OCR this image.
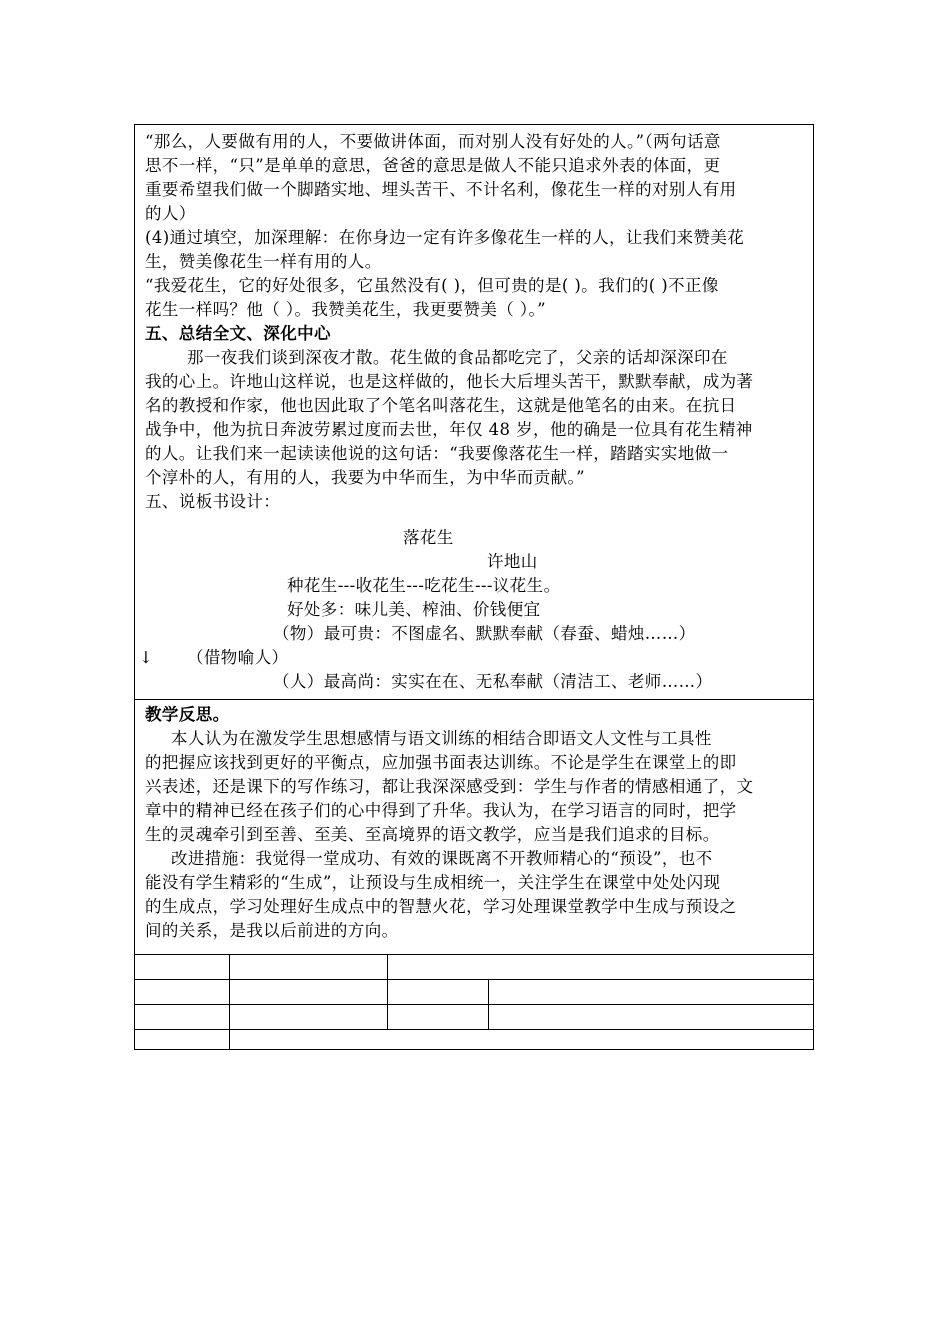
“那么，人要做有用的人，不要做讲体面，而对别人没有好处的人。”（两句话意
思不一样，“只”是单单的意思，爸爸的意思是做人不能只追求外表的体面，更
重要希望我们做一个脚踏实地、埋头苦干、不计名利，像花生一样的对别人有用
的人）
(4)通过填空，加深理解：在你身边一定有许多像花生一样的人，让我们来赞美花
生，赞美像花生一样有用的人。
“我爱花生，它的好处很多，它虽然没有( )，但可贵的是( )。我们的( )不正像
花生一样吗？他（ ）。我赞美花生，我更要赞美（ ）。”
五、总结全文、深化中心
那一夜我们谈到深夜才散。花生做的食品都吃完了，父亲的话却深深印在
我的心上。许地山这样说，也是这样做的，他长大后埋头苦干，默默奉献，成为著
名的教授和作家，他也因此取了个笔名叫落花生，这就是他笔名的由来。在抗日
战争中，他为抗日奔波劳累过度而去世，年仅 48 岁，他的确是一位具有花生精神
的人。让我们来一起读读他说的这句话：“我要像落花生一样，踏踏实实地做一
个淳朴的人，有用的人，我要为中华而生，为中华而贡献。”
五、说板书设计：
落花生
许地山
种花生---收花生---吃花生---议花生。
好处多：味儿美、榨油、价钱便宜
（物）最可贵：不图虚名、默默奉献（春蚕、蜡烛……）
↓ （借物喻人）
（人）最高尚：实实在在、无私奉献（清洁工、老师……）
教学反思。
本人认为在激发学生思想感情与语文训练的相结合即语文人文性与工具性
的把握应该找到更好的平衡点，应加强书面表达训练。不论是学生在课堂上的即
兴表述，还是课下的写作练习，都让我深深感受到：学生与作者的情感相通了，文
章中的精神已经在孩子们的心中得到了升华。我认为，在学习语言的同时，把学
生的灵魂牵引到至善、至美、至高境界的语文教学，应当是我们追求的目标。
改进措施：我觉得一堂成功、有效的课既离不开教师精心的“预设”，也不
能没有学生精彩的“生成”，让预设与生成相统一，关注学生在课堂中处处闪现
的生成点，学习处理好生成点中的智慧火花，学习处理课堂教学中生成与预设之
间的关系，是我以后前进的方向。
